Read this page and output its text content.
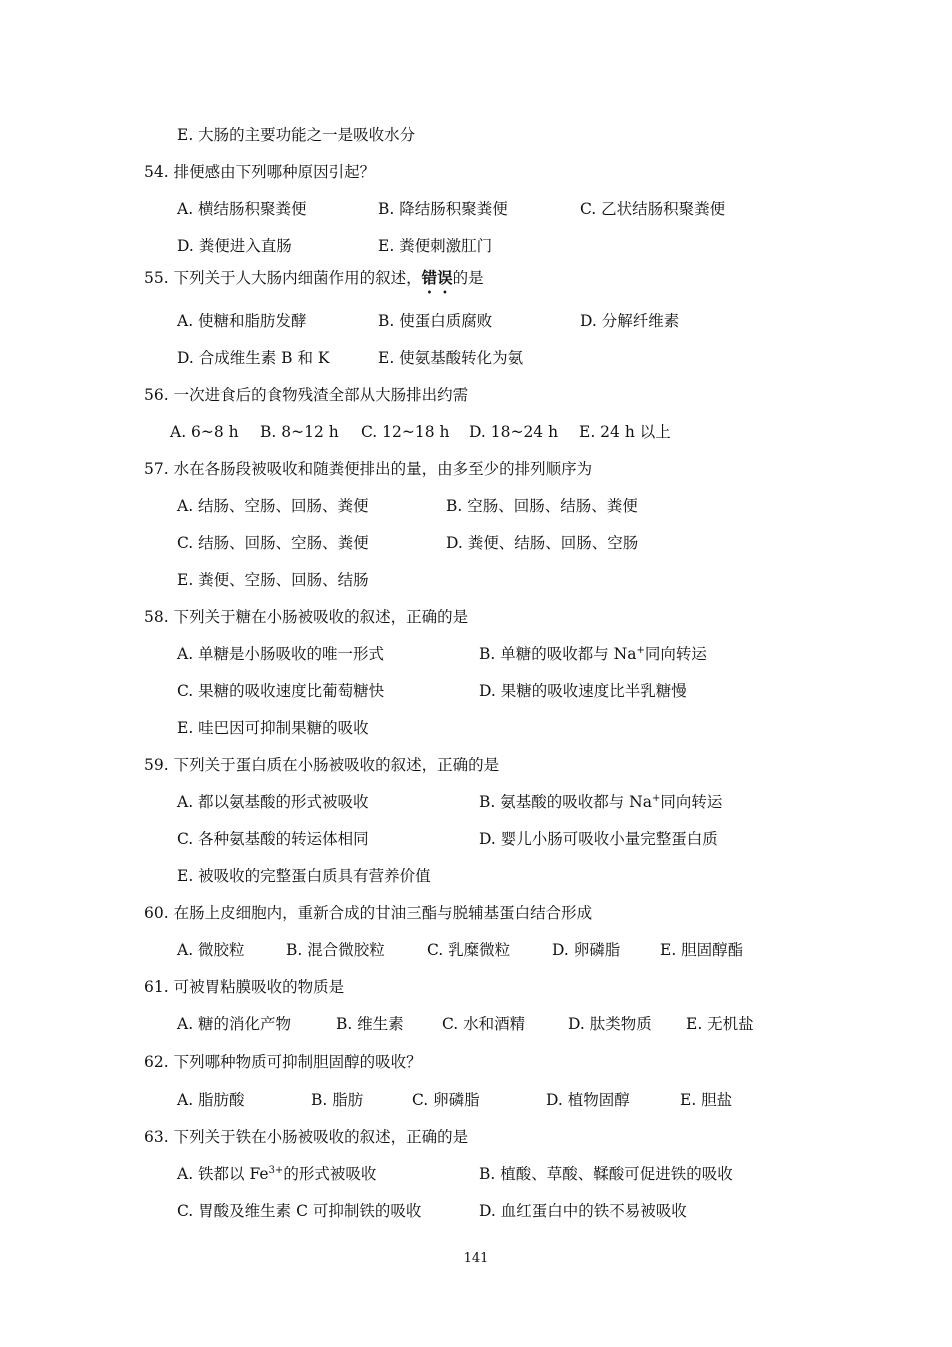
E. 大肠的主要功能之一是吸收水分
54. 排便感由下列哪种原因引起？
A. 横结肠积聚粪便	B. 降结肠积聚粪便	C. 乙状结肠积聚粪便
D. 粪便进入直肠	E. 粪便刺激肛门
55. 下列关于人大肠内细菌作用的叙述，错误的是
A. 使糖和脂肪发酵	B. 使蛋白质腐败	D. 分解纤维素
D. 合成维生素 B 和 K	E. 使氨基酸转化为氨
56. 一次进食后的食物残渣全部从大肠排出约需
A. 6~8 h B. 8~12 h C. 12~18 h D. 18~24 h E. 24 h 以上
57. 水在各肠段被吸收和随粪便排出的量，由多至少的排列顺序为
A. 结肠、空肠、回肠、粪便	B. 空肠、回肠、结肠、粪便
C. 结肠、回肠、空肠、粪便	D. 粪便、结肠、回肠、空肠
E. 粪便、空肠、回肠、结肠
58. 下列关于糖在小肠被吸收的叙述，正确的是
A. 单糖是小肠吸收的唯一形式	B. 单糖的吸收都与 Na+同向转运
C. 果糖的吸收速度比葡萄糖快	D. 果糖的吸收速度比半乳糖慢
E. 哇巴因可抑制果糖的吸收
59. 下列关于蛋白质在小肠被吸收的叙述，正确的是
A. 都以氨基酸的形式被吸收	B. 氨基酸的吸收都与 Na+同向转运
C. 各种氨基酸的转运体相同	D. 婴儿小肠可吸收小量完整蛋白质
E. 被吸收的完整蛋白质具有营养价值
60. 在肠上皮细胞内，重新合成的甘油三酯与脱辅基蛋白结合形成
A. 微胶粒	B. 混合微胶粒	C. 乳糜微粒	D. 卵磷脂	E. 胆固醇酯
61. 可被胃粘膜吸收的物质是
A. 糖的消化产物	B. 维生素 C. 水和酒精	D. 肽类物质 E. 无机盐
62. 下列哪种物质可抑制胆固醇的吸收？
A. 脂肪酸	B. 脂肪	C. 卵磷脂	D. 植物固醇	E. 胆盐
63. 下列关于铁在小肠被吸收的叙述，正确的是
A. 铁都以 $Fe^{3+}$的形式被吸收	B. 植酸、草酸、鞣酸可促进铁的吸收
C. 胃酸及维生素 C 可抑制铁的吸收	D. 血红蛋白中的铁不易被吸收
141
